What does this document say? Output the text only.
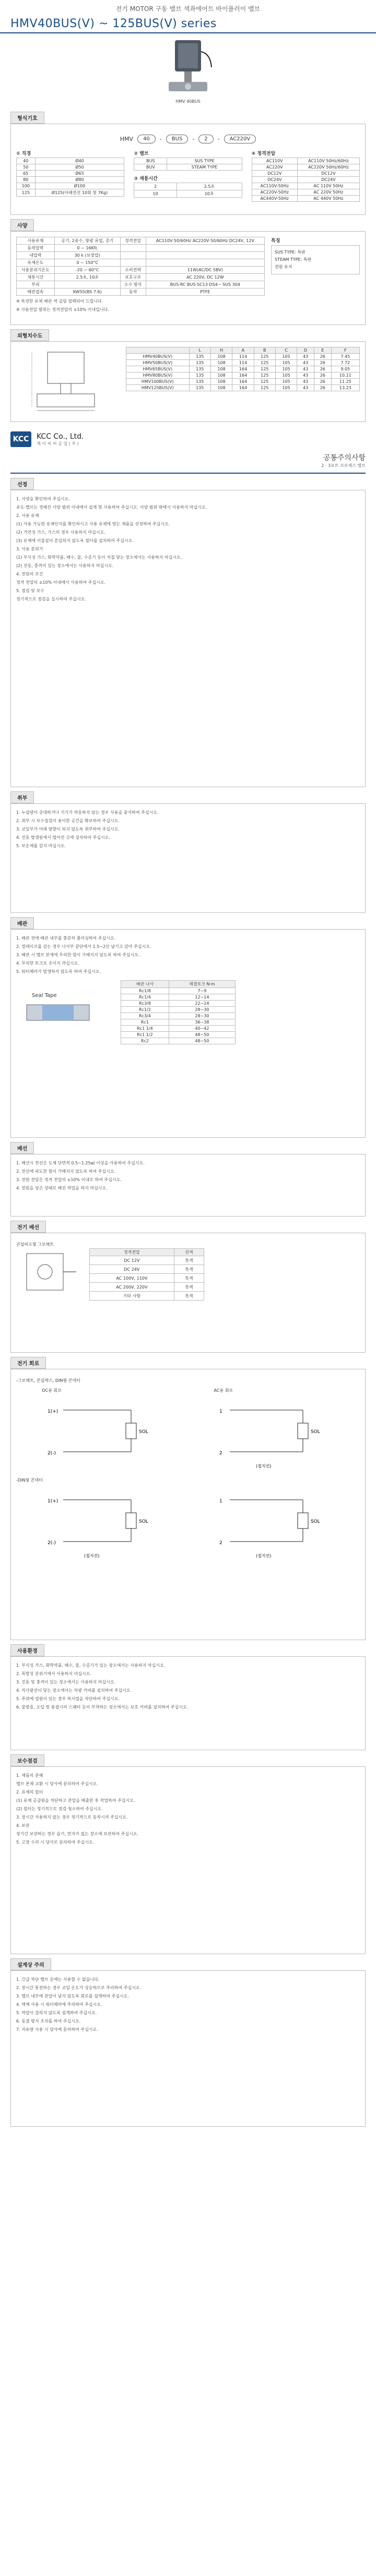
전기 MOTOR 구동 밸브 색좌에어트 바이플러이 밸브
HMV40BUS(V) ~ 125BUS(V) series
HMV 40BUS
형식기호
HMV	40	-	BUS	-	2	-	AC220V
① 직경
40	Ø40
50	Ø50
65	Ø65
80	Ø80
100	Ø100
125	Ø125(아래전선 10회 및 7Kg)
② 밸브
BUS	SUS TYPE
BUV	STEAM TYPE
③ 재통시간
2	2.5초
10	10초
④ 정격전압
AC110V	AC110V 50Hz/60Hz
AC220V	AC220V 50Hz/60Hz
DC12V	DC12V
DC24V	DC24V
AC110V-50Hz	AC 110V 50Hz
AC220V-50Hz	AC 220V 50Hz
AC440V-50Hz	AC 440V 50Hz
사양
사용유체	공기, 2종수, 방광 유립, 증기	정격전압	AC110V·50/60Hz AC220V·50/60Hz DC24V, 12V
동작압력	0 ~ 16Kfc		
내압력	30 k (보장압)		
유체온도	0 ~ 150°C		
사용분위기온도	-20 ~ 60°C	소비전력	11W(AC/DC 5BV)
재통시간	2.5초, 10초	보호구조	AC 220V, DC 12W
부피		소수 방식	BUS·RC BUS·SC13 DS4~ SUS 304
배관접속	KW55(BS 7.6)	동작	PTFE

※ 특정한 유체 배관 색 실링 씰렉되어 드립니다.

※ 사용전압 범위는 정격전압의 ±10% 이내입니다.

특징
SUS TYPE: 특판
STEAM TYPE: 특판
전원 유지
외형치수도
	L	H	A	B	C	D	E	F
HMV40BUS(V)	135	108	114	125	105	43	26	7.45
HMV50BUS(V)	135	108	114	125	105	43	26	7.72
HMV65BUS(V)	135	108	164	125	105	43	26	9.05
HMV80BUS(V)	135	108	164	125	105	43	26	10.11
HMV100BUS(V)	135	108	164	125	105	43	26	11.25
HMV125BUS(V)	135	108	164	125	105	43	26	13.23
KCC	KCC Co., Ltd.
케 이 씨 씨 공 업 ( 주 )
공통주의사항
2 · 3포트 프로세스 밸브
선정

1. 사양을 확인하여 주십시오.

유도·밸브는 정해진 사양 범위 이내에서 설계 및 사용하여 주십시오. 사양 범위 밖에서 사용하지 마십시오.

2. 사용 유체

(1) 사용 가능한 유체인지를 확인하시고 사용 유체에 맞는 제품을 선정하여 주십시오.

(2) 가연성 가스, 가스의 경우 사용하지 마십시오.

(3) 유체에 이물질이 혼입되지 않도록 필터를 설치하여 주십시오.

3. 사용 분위기

(1) 부식성 가스, 화학약품, 해수, 물, 수증기 등이 직접 닿는 장소에서는 사용하지 마십시오.

(2) 진동, 충격이 있는 장소에서는 사용하지 마십시오.

4. 전원의 조건

정격 전압의 ±10% 이내에서 사용하여 주십시오.

5. 점검 및 보수

정기적으로 점검을 실시하여 주십시오.

취부

1. 누설량이 증대하거나 기기가 작동하지 않는 경우 사용을 중지하여 주십시오.

2. 취부 시 보수점검이 용이한 공간을 확보하여 주십시오.

3. 코일부가 아래 방향이 되지 않도록 취부하여 주십시오.

4. 진동 발생원에서 떨어진 곳에 설치하여 주십시오.

5. 보온재를 감지 마십시오.

배관

1. 배관 전에 배관 내부를 충분히 플러싱하여 주십시오.

2. 씰테이프를 감는 경우 나사부 끝단에서 1.5~2산 남기고 감아 주십시오.

3. 배관 시 밸브 본체에 무리한 힘이 가해지지 않도록 하여 주십시오.

4. 무리한 토크로 조이지 마십시오.

5. 워터해머가 발생하지 않도록 하여 주십시오.

Seal Tape
배관 나사	체결토크 N·m
Rc1/8	7~9
Rc1/4	12~14
Rc3/8	22~24
Rc1/2	28~30
Rc3/4	28~30
Rc1	36~38
Rc1 1/4	40~42
Rc1 1/2	48~50
Rc2	48~50
배선

1. 배선시 전선은 도체 단면적 0.5~1.25㎟ 이상을 사용하여 주십시오.

2. 전선에 과도한 힘이 가해지지 않도록 하여 주십시오.

3. 전원 전압은 정격 전압의 ±10% 이내로 하여 주십시오.

4. 전원을 넣은 상태로 배선 작업을 하지 마십시오.

전기 배선
큰설비소형 그로메트
정격전압	선색
DC 12V	흑색
DC 24V	흑색
AC 100V, 110V	흑색
AC 200V, 220V	흑색
기타 사항	흑색
전기 회로
-그로메트, 콘실박스, DIN형 콘넥터
DC용 회로
1(+)
2(-)
SOL
AC용 회로
1
2
SOL
(접지선)
-DIN형 콘넥터
1(+)
2(-)
SOL
(접지선)
1
2
SOL
(접지선)
사용환경

1. 부식성 가스, 화학약품, 해수, 물, 수증기가 있는 장소에서는 사용하지 마십시오.

2. 폭발성 분위기에서 사용하지 마십시오.

3. 진동 및 충격이 있는 장소에서는 사용하지 마십시오.

4. 직사광선이 닿는 장소에서는 차광 커버를 설치하여 주십시오.

5. 주위에 열원이 있는 경우 복사열을 차단하여 주십시오.

6. 물방울, 오일 및 용접시의 스패터 등이 부착하는 장소에서는 보호 커버를 설치하여 주십시오.

보수점검

1. 제품의 분해

밸브 본체 교환 시 당사에 문의하여 주십시오.

2. 유체의 필터

(1) 유체 공급원을 차단하고 잔압을 배출한 후 작업하여 주십시오.

(2) 필터는 정기적으로 점검·청소하여 주십시오.

3. 장시간 사용하지 않는 경우 정기적으로 동작시켜 주십시오.

4. 보관

장기간 보관하는 경우 습기, 먼지가 없는 장소에 보관하여 주십시오.

5. 고장 수리 시 당사로 문의하여 주십시오.

설계상 주의

1. 긴급 차단 밸브 등에는 사용할 수 없습니다.

2. 장시간 통전하는 경우 코일 온도가 상승하므로 주의하여 주십시오.

3. 밸브 내부에 잔압이 남지 않도록 회로를 설계하여 주십시오.

4. 액체 사용 시 워터해머에 주의하여 주십시오.

5. 역압이 걸리지 않도록 설계하여 주십시오.

6. 동결 방지 조치를 하여 주십시오.

7. 저유량 사용 시 당사에 문의하여 주십시오.
